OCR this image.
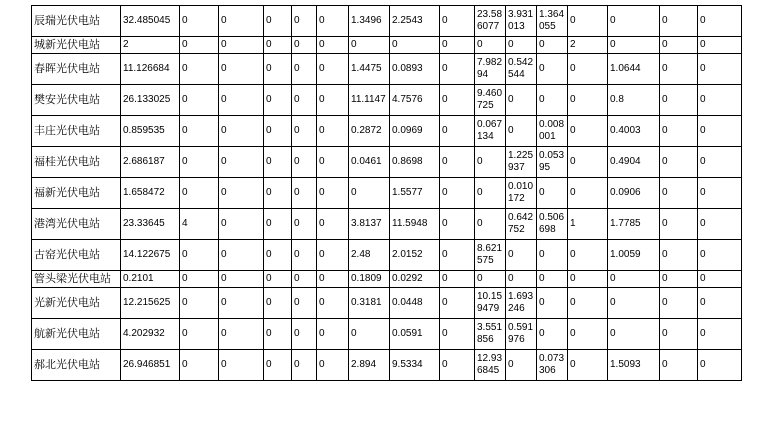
辰瑞光伏电站	32.485045	0	0	0	0	0	1.3496	2.2543	0	23.586077	3.931013	1.364055	0	0	0	0
城新光伏电站	2	0	0	0	0	0	0	0	0	0	0	0	2	0	0	0
春晖光伏电站	11.126684	0	0	0	0	0	1.4475	0.0893	0	7.98294	0.542544	0	0	1.0644	0	0
樊安光伏电站	26.133025	0	0	0	0	0	11.1147	4.7576	0	9.460725	0	0	0	0.8	0	0
丰庄光伏电站	0.859535	0	0	0	0	0	0.2872	0.0969	0	0.067134	0	0.008001	0	0.4003	0	0
福桂光伏电站	2.686187	0	0	0	0	0	0.0461	0.8698	0	0	1.225937	0.05395	0	0.4904	0	0
福新光伏电站	1.658472	0	0	0	0	0	0	1.5577	0	0	0.010172	0	0	0.0906	0	0
港湾光伏电站	23.33645	4	0	0	0	0	3.8137	11.5948	0	0	0.642752	0.506698	1	1.7785	0	0
古窑光伏电站	14.122675	0	0	0	0	0	2.48	2.0152	0	8.621575	0	0	0	1.0059	0	0
管头梁光伏电站	0.2101	0	0	0	0	0	0.1809	0.0292	0	0	0	0	0	0	0	0
光新光伏电站	12.215625	0	0	0	0	0	0.3181	0.0448	0	10.159479	1.693246	0	0	0	0	0
航新光伏电站	4.202932	0	0	0	0	0	0	0.0591	0	3.551856	0.591976	0	0	0	0	0
郝北光伏电站	26.946851	0	0	0	0	0	2.894	9.5334	0	12.936845	0	0.073306	0	1.5093	0	0
